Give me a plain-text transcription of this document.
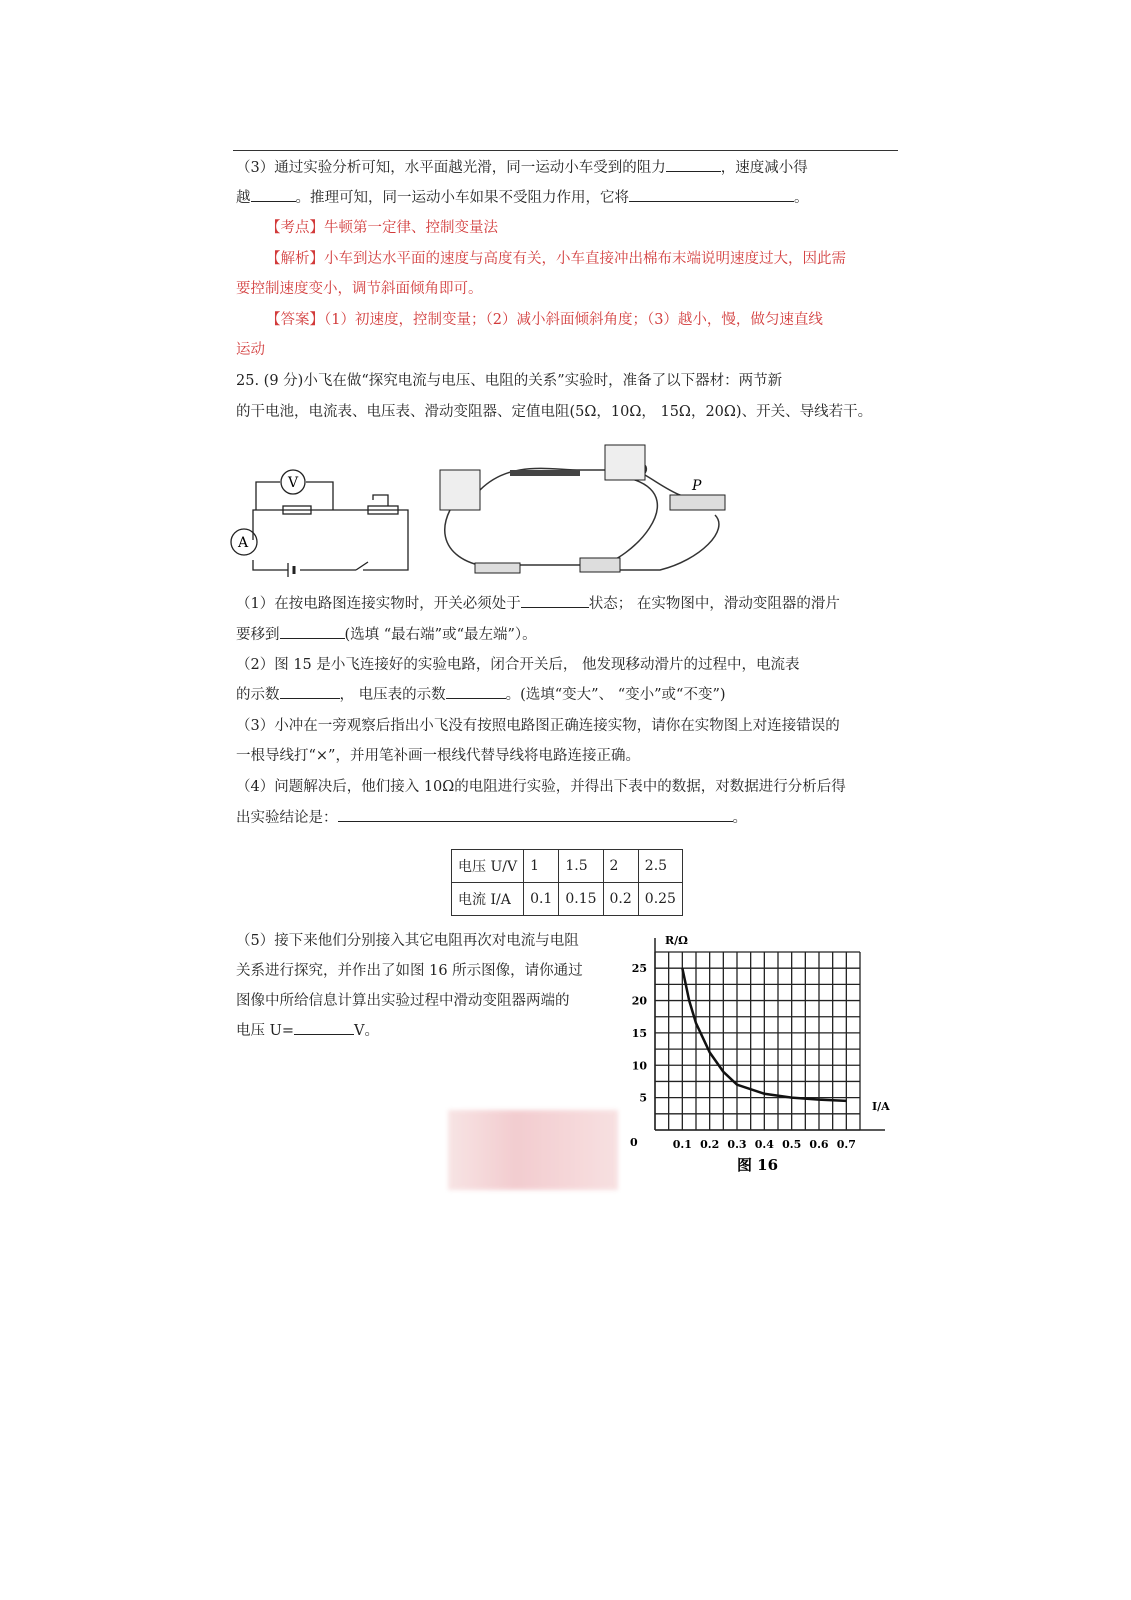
（3）通过实验分析可知，水平面越光滑，同一运动小车受到的阻力	，速度减小得
越	。推理可知，同一运动小车如果不受阻力作用，它将	。
【考点】牛顿第一定律、控制变量法
【解析】小车到达水平面的速度与高度有关，小车直接冲出棉布末端说明速度过大，因此需
要控制速度变小，调节斜面倾角即可。
【答案】（1）初速度，控制变量；（2）减小斜面倾斜角度；（3）越小，慢，做匀速直线
运动
25. (9 分)小飞在做“探究电流与电压、电阻的关系”实验时，准备了以下器材：两节新
的干电池，电流表、电压表、滑动变阻器、定值电阻(5Ω，10Ω， 15Ω，20Ω)、开关、导线若干。
V
A
P
（1）在按电路图连接实物时，开关必须处于	状态； 在实物图中，滑动变阻器的滑片
要移到	(选填 “最右端”或“最左端”）。
（2）图 15 是小飞连接好的实验电路，闭合开关后， 他发现移动滑片的过程中，电流表
的示数	， 电压表的示数	。(选填“变大”、 “变小”或“不变”)
（3）小冲在一旁观察后指出小飞没有按照电路图正确连接实物，请你在实物图上对连接错误的
一根导线打“×”，并用笔补画一根线代替导线将电路连接正确。
（4）问题解决后，他们接入 10Ω的电阻进行实验，并得出下表中的数据，对数据进行分析后得
出实验结论是：	。
电压 U/V	1	1.5	2	2.5
电流 I/A	0.1	0.15	0.2	0.25
（5）接下来他们分别接入其它电阻再次对电流与电阻
关系进行探究，并作出了如图 16 所示图像，请你通过
图像中所给信息计算出实验过程中滑动变阻器两端的
电压 U=	V。
0.1 0.2 0.3 0.4 0.5 0.6 0.7
5
10
15
20
25
0
R/Ω
I/A
图 16
